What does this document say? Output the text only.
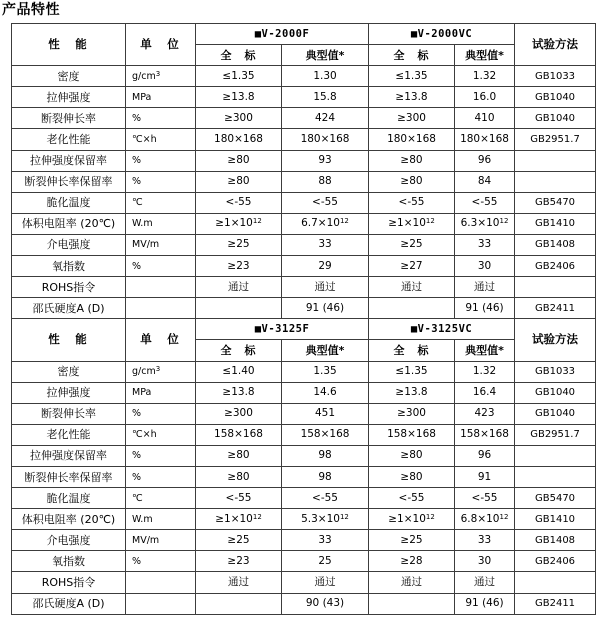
产品特性
性　能	单　位	■V-2000F		■V-2000VC		试验方法
		全　标	典型值*	全　标	典型值*	
密度	$g/cm^3$	≤1.35	1.30	≤1.35	1.32	GB1033
拉伸强度	MPa	≥13.8	15.8	≥13.8	16.0	GB1040
断裂伸长率	%	≥300	424	≥300	410	GB1040
老化性能	℃×h	180×168	180×168	180×168	180×168	GB2951.7
拉伸强度保留率	%	≥80	93	≥80	96	
断裂伸长率保留率	%	≥80	88	≥80	84	
脆化温度	℃	<-55	<-55	<-55	<-55	GB5470
体积电阻率 (20℃)	W.m	$\ge 1\times 10^{12}$	$6.7\times 10^{12}$	$\ge 1\times 10^{12}$	$6.3\times 10^{12}$	GB1410
介电强度	MV/m	≥25	33	≥25	33	GB1408
氧指数	%	≥23	29	≥27	30	GB2406
ROHS指令		通过	通过	通过	通过	
邵氏硬度A (D)			91 (46)		91 (46)	GB2411
性　能	单　位	■V-3125F		■V-3125VC		试验方法
		全　标	典型值*	全　标	典型值*	
密度	$g/cm^3$	≤1.40	1.35	≤1.35	1.32	GB1033
拉伸强度	MPa	≥13.8	14.6	≥13.8	16.4	GB1040
断裂伸长率	%	≥300	451	≥300	423	GB1040
老化性能	℃×h	158×168	158×168	158×168	158×168	GB2951.7
拉伸强度保留率	%	≥80	98	≥80	96	
断裂伸长率保留率	%	≥80	98	≥80	91	
脆化温度	℃	<-55	<-55	<-55	<-55	GB5470
体积电阻率 (20℃)	W.m	$\ge 1\times 10^{12}$	$5.3\times 10^{12}$	$\ge 1\times 10^{12}$	$6.8\times 10^{12}$	GB1410
介电强度	MV/m	≥25	33	≥25	33	GB1408
氧指数	%	≥23	25	≥28	30	GB2406
ROHS指令		通过	通过	通过	通过	
邵氏硬度A (D)			90 (43)		91 (46)	GB2411
